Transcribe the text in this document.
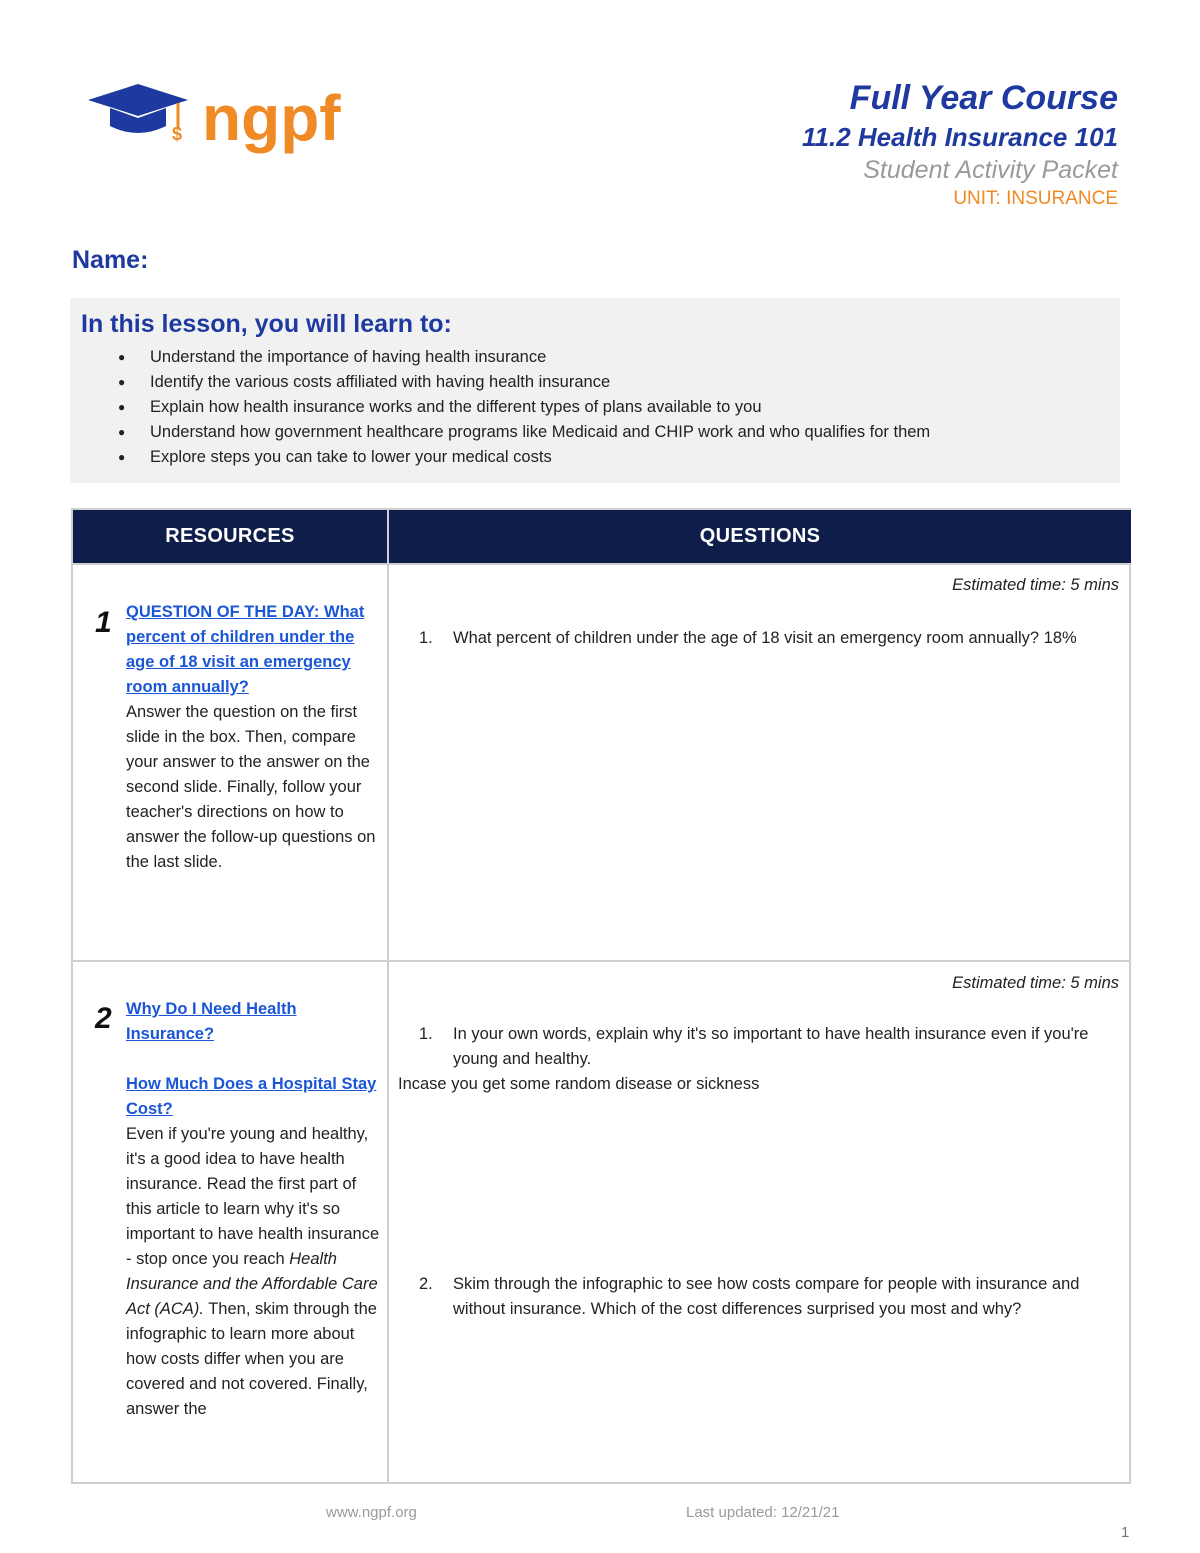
$ ngpf	Full Year Course
11.2 Health Insurance 101
Student Activity Packet
UNIT: INSURANCE
Name:
In this lesson, you will learn to:
● Understand the importance of having health insurance
● Identify the various costs affiliated with having health insurance
● Explain how health insurance works and the different types of plans available to you
● Understand how government healthcare programs like Medicaid and CHIP work and who qualifies for them
● Explore steps you can take to lower your medical costs
RESOURCES	QUESTIONS
1 QUESTION OF THE DAY: What percent of children under the age of 18 visit an emergency room annually?

Answer the question on the first slide in the box. Then, compare your answer to the answer on the second slide. Finally, follow your teacher's directions on how to answer the follow-up questions on the last slide.

Estimated time: 5 mins
1. What percent of children under the age of 18 visit an emergency room annually? 18%
2 Why Do I Need Health Insurance?
How Much Does a Hospital Stay Cost?

Even if you're young and healthy, it's a good idea to have health insurance. Read the first part of this article to learn why it's so important to have health insurance - stop once you reach Health Insurance and the Affordable Care Act (ACA). Then, skim through the infographic to learn more about how costs differ when you are covered and not covered. Finally, answer the

Estimated time: 5 mins
1. In your own words, explain why it's so important to have health insurance even if you're young and healthy.
Incase you get some random disease or sickness
2. Skim through the infographic to see how costs compare for people with insurance and without insurance. Which of the cost differences surprised you most and why?
www.ngpf.org	Last updated: 12/21/21
1
